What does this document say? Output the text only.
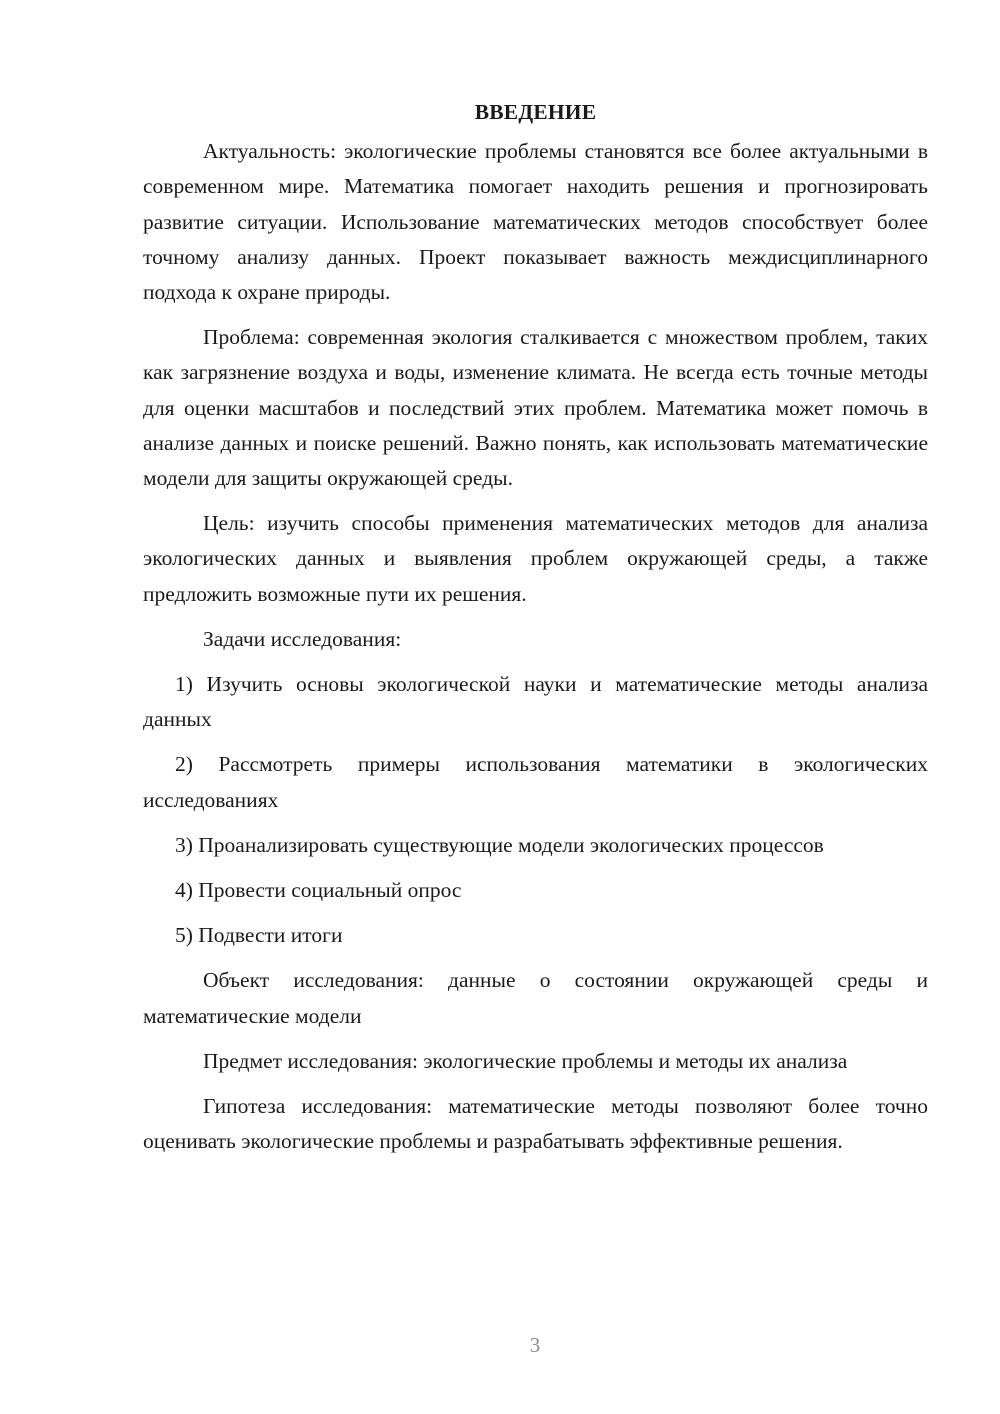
ВВЕДЕНИЕ

Актуальность: экологические проблемы становятся все более актуальными в современном мире. Математика помогает находить решения и прогнозировать развитие ситуации. Использование математических методов способствует более точному анализу данных. Проект показывает важность междисциплинарного подхода к охране природы.

Проблема: современная экология сталкивается с множеством проблем, таких как загрязнение воздуха и воды, изменение климата. Не всегда есть точные методы для оценки масштабов и последствий этих проблем. Математика может помочь в анализе данных и поиске решений. Важно понять, как использовать математические модели для защиты окружающей среды.

Цель: изучить способы применения математических методов для анализа экологических данных и выявления проблем окружающей среды, а также предложить возможные пути их решения.

Задачи исследования:

1) Изучить основы экологической науки и математические методы анализа данных

2) Рассмотреть примеры использования математики в экологических исследованиях

3) Проанализировать существующие модели экологических процессов

4) Провести социальный опрос

5) Подвести итоги

Объект исследования: данные о состоянии окружающей среды и математические модели

Предмет исследования: экологические проблемы и методы их анализа

Гипотеза исследования: математические методы позволяют более точно оценивать экологические проблемы и разрабатывать эффективные решения.

3
